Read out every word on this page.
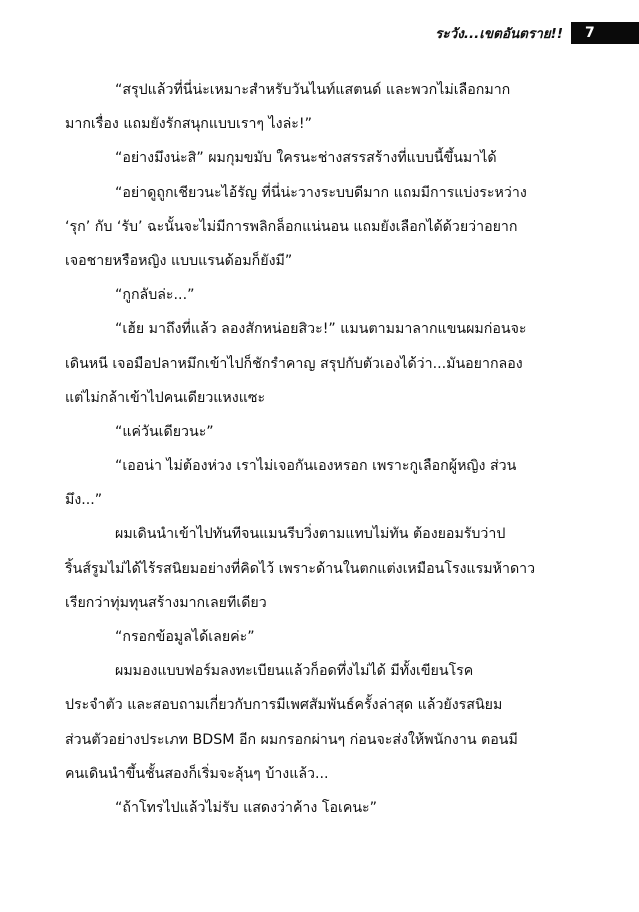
ระวัง...เขตอันตราย!! 7
“สรุปแล้วที่นี่น่ะเหมาะสำหรับวันไนท์แสตนด์ และพวกไม่เลือกมาก
มากเรื่อง แถมยังรักสนุกแบบเราๆ ไงล่ะ!”
“อย่างมึงน่ะสิ” ผมกุมขมับ ใครนะช่างสรรสร้างที่แบบนี้ขึ้นมาได้
“อย่าดูถูกเชียวนะไอ้รัญ ที่นี่น่ะวางระบบดีมาก แถมมีการแบ่งระหว่าง
‘รุก’ กับ ‘รับ’ ฉะนั้นจะไม่มีการพลิกล็อกแน่นอน แถมยังเลือกได้ด้วยว่าอยาก
เจอชายหรือหญิง แบบแรนด้อมก็ยังมี”
“กูกลับล่ะ...”
“เฮ้ย มาถึงที่แล้ว ลองสักหน่อยสิวะ!” แมนตามมาลากแขนผมก่อนจะ
เดินหนี เจอมือปลาหมึกเข้าไปก็ชักรำคาญ สรุปกับตัวเองได้ว่า...มันอยากลอง
แต่ไม่กล้าเข้าไปคนเดียวแหงแซะ
“แค่วันเดียวนะ”
“เออน่า ไม่ต้องห่วง เราไม่เจอกันเองหรอก เพราะกูเลือกผู้หญิง ส่วน
มึง...”
ผมเดินนำเข้าไปทันทีจนแมนรีบวิ่งตามแทบไม่ทัน ต้องยอมรับว่าป
ริ้นส์รูมไม่ได้ไร้รสนิยมอย่างที่คิดไว้ เพราะด้านในตกแต่งเหมือนโรงแรมห้าดาว
เรียกว่าทุ่มทุนสร้างมากเลยทีเดียว
“กรอกข้อมูลได้เลยค่ะ”
ผมมองแบบฟอร์มลงทะเบียนแล้วก็อดทึ่งไม่ได้ มีทั้งเขียนโรค
ประจำตัว และสอบถามเกี่ยวกับการมีเพศสัมพันธ์ครั้งล่าสุด แล้วยังรสนิยม
ส่วนตัวอย่างประเภท BDSM อีก ผมกรอกผ่านๆ ก่อนจะส่งให้พนักงาน ตอนมี
คนเดินนำขึ้นชั้นสองก็เริ่มจะลุ้นๆ บ้างแล้ว...
“ถ้าโทรไปแล้วไม่รับ แสดงว่าค้าง โอเคนะ”
